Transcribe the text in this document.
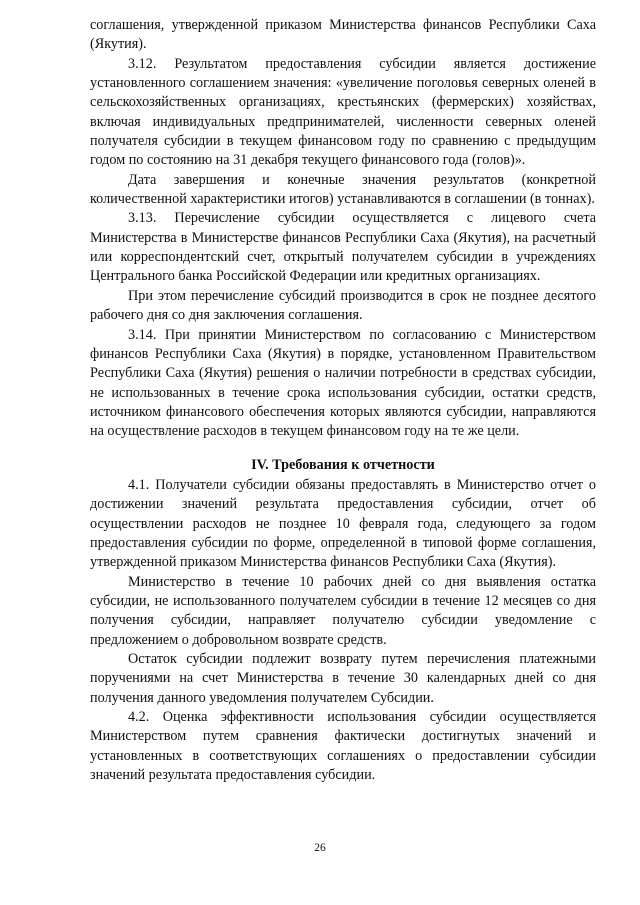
соглашения, утвержденной приказом Министерства финансов Республики Саха (Якутия).

3.12. Результатом предоставления субсидии является достижение установленного соглашением значения: «увеличение поголовья северных оленей в сельскохозяйственных организациях, крестьянских (фермерских) хозяйствах, включая индивидуальных предпринимателей, численности северных оленей получателя субсидии в текущем финансовом году по сравнению с предыдущим годом по состоянию на 31 декабря текущего финансового года (голов)».

Дата завершения и конечные значения результатов (конкретной количественной характеристики итогов) устанавливаются в соглашении (в тоннах).

3.13. Перечисление субсидии осуществляется с лицевого счета Министерства в Министерстве финансов Республики Саха (Якутия), на расчетный или корреспондентский счет, открытый получателем субсидии в учреждениях Центрального банка Российской Федерации или кредитных организациях.

При этом перечисление субсидий производится в срок не позднее десятого рабочего дня со дня заключения соглашения.

3.14. При принятии Министерством по согласованию с Министерством финансов Республики Саха (Якутия) в порядке, установленном Правительством Республики Саха (Якутия) решения о наличии потребности в средствах субсидии, не использованных в течение срока использования субсидии, остатки средств, источником финансового обеспечения которых являются субсидии, направляются на осуществление расходов в текущем финансовом году на те же цели.

IV. Требования к отчетности

4.1. Получатели субсидии обязаны предоставлять в Министерство отчет о достижении значений результата предоставления субсидии, отчет об осуществлении расходов не позднее 10 февраля года, следующего за годом предоставления субсидии по форме, определенной в типовой форме соглашения, утвержденной приказом Министерства финансов Республики Саха (Якутия).

Министерство в течение 10 рабочих дней со дня выявления остатка субсидии, не использованного получателем субсидии в течение 12 месяцев со дня получения субсидии, направляет получателю субсидии уведомление с предложением о добровольном возврате средств.

Остаток субсидии подлежит возврату путем перечисления платежными поручениями на счет Министерства в течение 30 календарных дней со дня получения данного уведомления получателем Субсидии.

4.2. Оценка эффективности использования субсидии осуществляется Министерством путем сравнения фактически достигнутых значений и установленных в соответствующих соглашениях о предоставлении субсидии значений результата предоставления субсидии.

26
